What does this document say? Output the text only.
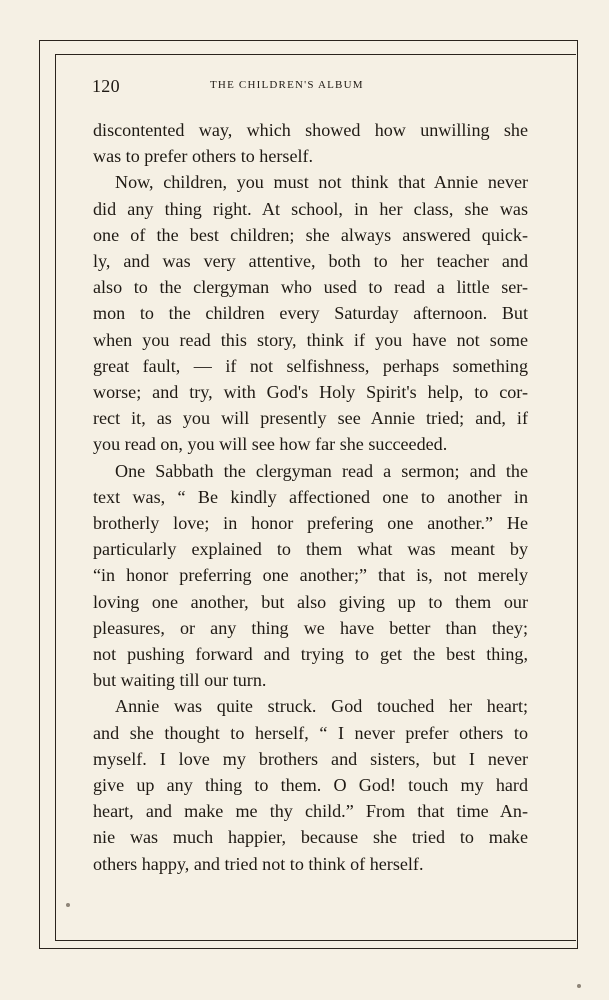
120	THE CHILDREN'S ALBUM
discontented way, which showed how unwilling she
was to prefer others to herself.
Now, children, you must not think that Annie never
did any thing right. At school, in her class, she was
one of the best children; she always answered quick-
ly, and was very attentive, both to her teacher and
also to the clergyman who used to read a little ser-
mon to the children every Saturday afternoon. But
when you read this story, think if you have not some
great fault, — if not selfishness, perhaps something
worse; and try, with God's Holy Spirit's help, to cor-
rect it, as you will presently see Annie tried; and, if
you read on, you will see how far she succeeded.
One Sabbath the clergyman read a sermon; and the
text was, “ Be kindly affectioned one to another in
brotherly love; in honor prefering one another.” He
particularly explained to them what was meant by
“in honor preferring one another;” that is, not merely
loving one another, but also giving up to them our
pleasures, or any thing we have better than they;
not pushing forward and trying to get the best thing,
but waiting till our turn.
Annie was quite struck. God touched her heart;
and she thought to herself, “ I never prefer others to
myself. I love my brothers and sisters, but I never
give up any thing to them. O God! touch my hard
heart, and make me thy child.” From that time An-
nie was much happier, because she tried to make
others happy, and tried not to think of herself.
